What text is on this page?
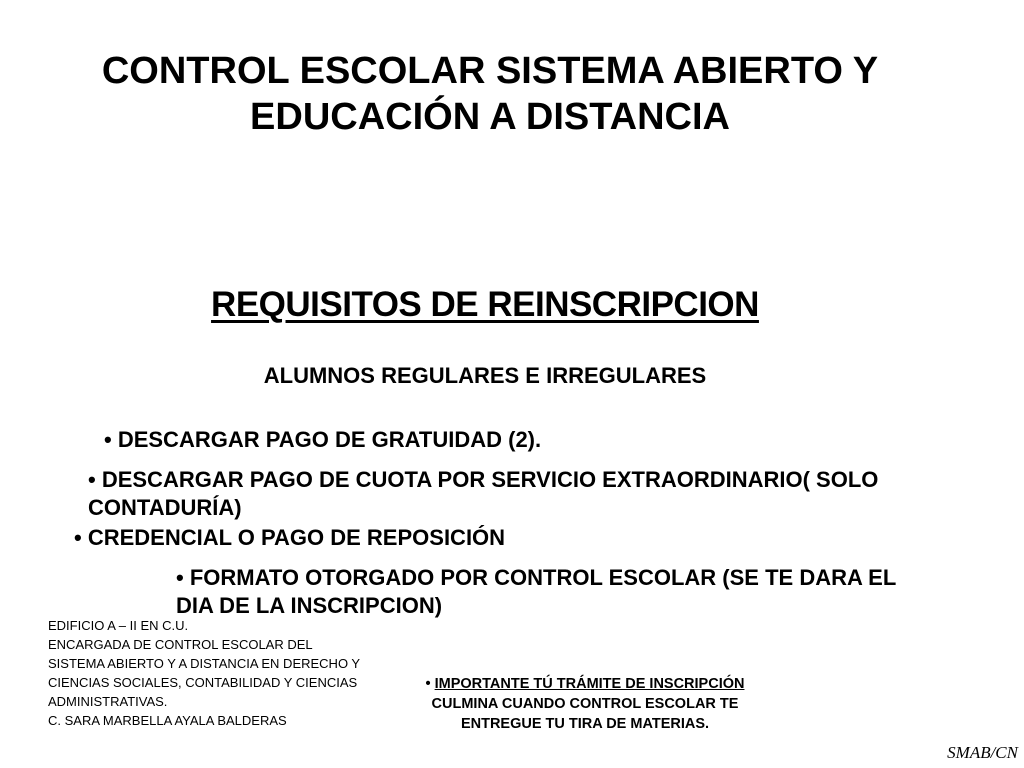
CONTROL ESCOLAR SISTEMA ABIERTO Y
EDUCACIÓN A DISTANCIA
REQUISITOS DE REINSCRIPCION
ALUMNOS REGULARES E IRREGULARES
• DESCARGAR PAGO DE GRATUIDAD (2).
• DESCARGAR PAGO DE CUOTA POR SERVICIO EXTRAORDINARIO( SOLO CONTADURÍA)
• CREDENCIAL O PAGO DE REPOSICIÓN
• FORMATO OTORGADO POR CONTROL ESCOLAR (SE TE DARA EL DIA DE LA INSCRIPCION)
EDIFICIO A – II EN C.U.
ENCARGADA DE CONTROL ESCOLAR DEL
SISTEMA ABIERTO Y A DISTANCIA EN DERECHO Y
CIENCIAS SOCIALES, CONTABILIDAD Y CIENCIAS
ADMINISTRATIVAS.
C. SARA MARBELLA AYALA BALDERAS
• IMPORTANTE TÚ TRÁMITE DE INSCRIPCIÓN
CULMINA CUANDO CONTROL ESCOLAR TE
ENTREGUE TU TIRA DE MATERIAS.
SMAB/CN
